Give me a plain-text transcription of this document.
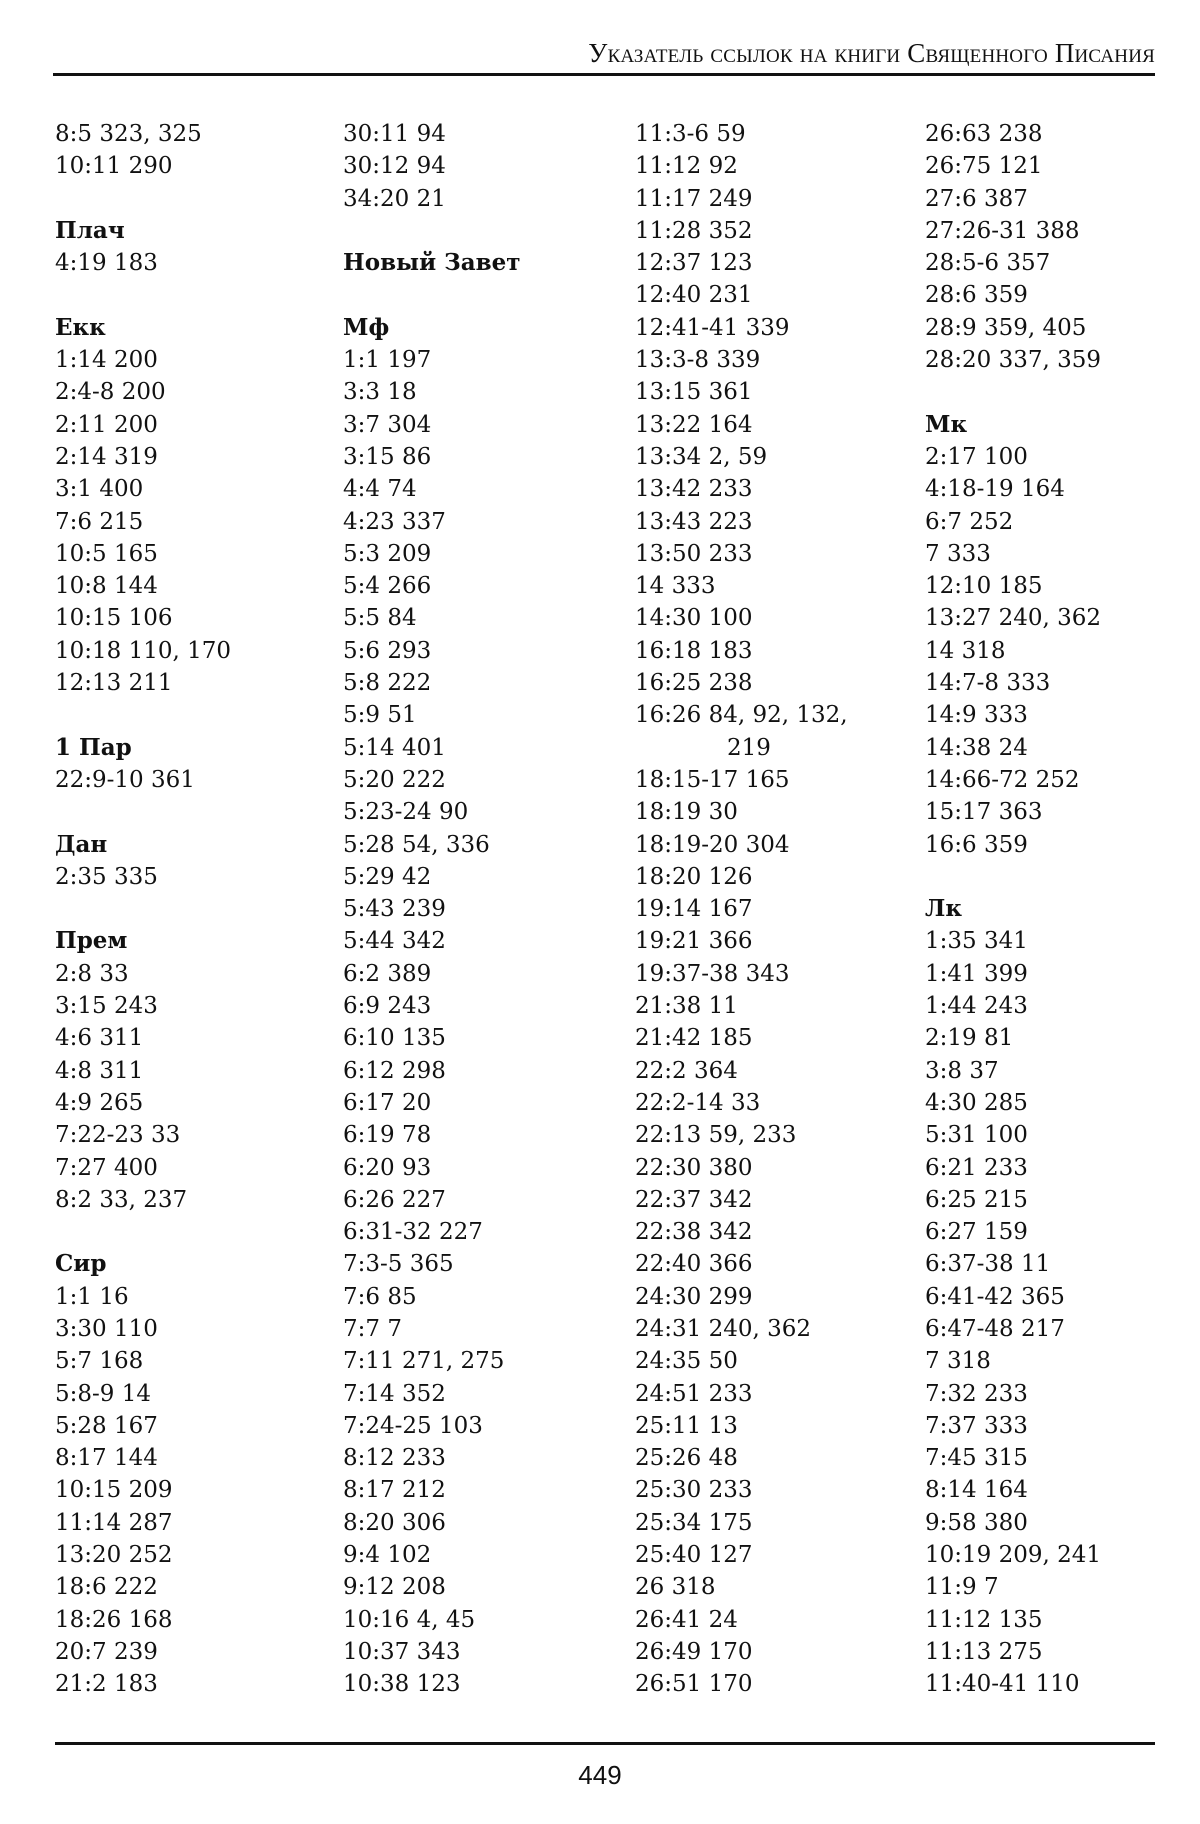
Указатель ссылок на книги Священного Писания
8:5 323, 325
10:11 290
Плач
4:19 183
Екк
1:14 200
2:4-8 200
2:11 200
2:14 319
3:1 400
7:6 215
10:5 165
10:8 144
10:15 106
10:18 110, 170
12:13 211
1 Пар
22:9-10 361
Дан
2:35 335
Прем
2:8 33
3:15 243
4:6 311
4:8 311
4:9 265
7:22-23 33
7:27 400
8:2 33, 237
Сир
1:1 16
3:30 110
5:7 168
5:8-9 14
5:28 167
8:17 144
10:15 209
11:14 287
13:20 252
18:6 222
18:26 168
20:7 239
21:2 183
30:11 94
30:12 94
34:20 21
Новый Завет
Мф
1:1 197
3:3 18
3:7 304
3:15 86
4:4 74
4:23 337
5:3 209
5:4 266
5:5 84
5:6 293
5:8 222
5:9 51
5:14 401
5:20 222
5:23-24 90
5:28 54, 336
5:29 42
5:43 239
5:44 342
6:2 389
6:9 243
6:10 135
6:12 298
6:17 20
6:19 78
6:20 93
6:26 227
6:31-32 227
7:3-5 365
7:6 85
7:7 7
7:11 271, 275
7:14 352
7:24-25 103
8:12 233
8:17 212
8:20 306
9:4 102
9:12 208
10:16 4, 45
10:37 343
10:38 123
11:3-6 59
11:12 92
11:17 249
11:28 352
12:37 123
12:40 231
12:41-41 339
13:3-8 339
13:15 361
13:22 164
13:34 2, 59
13:42 233
13:43 223
13:50 233
14 333
14:30 100
16:18 183
16:25 238
16:26 84, 92, 132,
219
18:15-17 165
18:19 30
18:19-20 304
18:20 126
19:14 167
19:21 366
19:37-38 343
21:38 11
21:42 185
22:2 364
22:2-14 33
22:13 59, 233
22:30 380
22:37 342
22:38 342
22:40 366
24:30 299
24:31 240, 362
24:35 50
24:51 233
25:11 13
25:26 48
25:30 233
25:34 175
25:40 127
26 318
26:41 24
26:49 170
26:51 170
26:63 238
26:75 121
27:6 387
27:26-31 388
28:5-6 357
28:6 359
28:9 359, 405
28:20 337, 359
Мк
2:17 100
4:18-19 164
6:7 252
7 333
12:10 185
13:27 240, 362
14 318
14:7-8 333
14:9 333
14:38 24
14:66-72 252
15:17 363
16:6 359
Лк
1:35 341
1:41 399
1:44 243
2:19 81
3:8 37
4:30 285
5:31 100
6:21 233
6:25 215
6:27 159
6:37-38 11
6:41-42 365
6:47-48 217
7 318
7:32 233
7:37 333
7:45 315
8:14 164
9:58 380
10:19 209, 241
11:9 7
11:12 135
11:13 275
11:40-41 110
449
